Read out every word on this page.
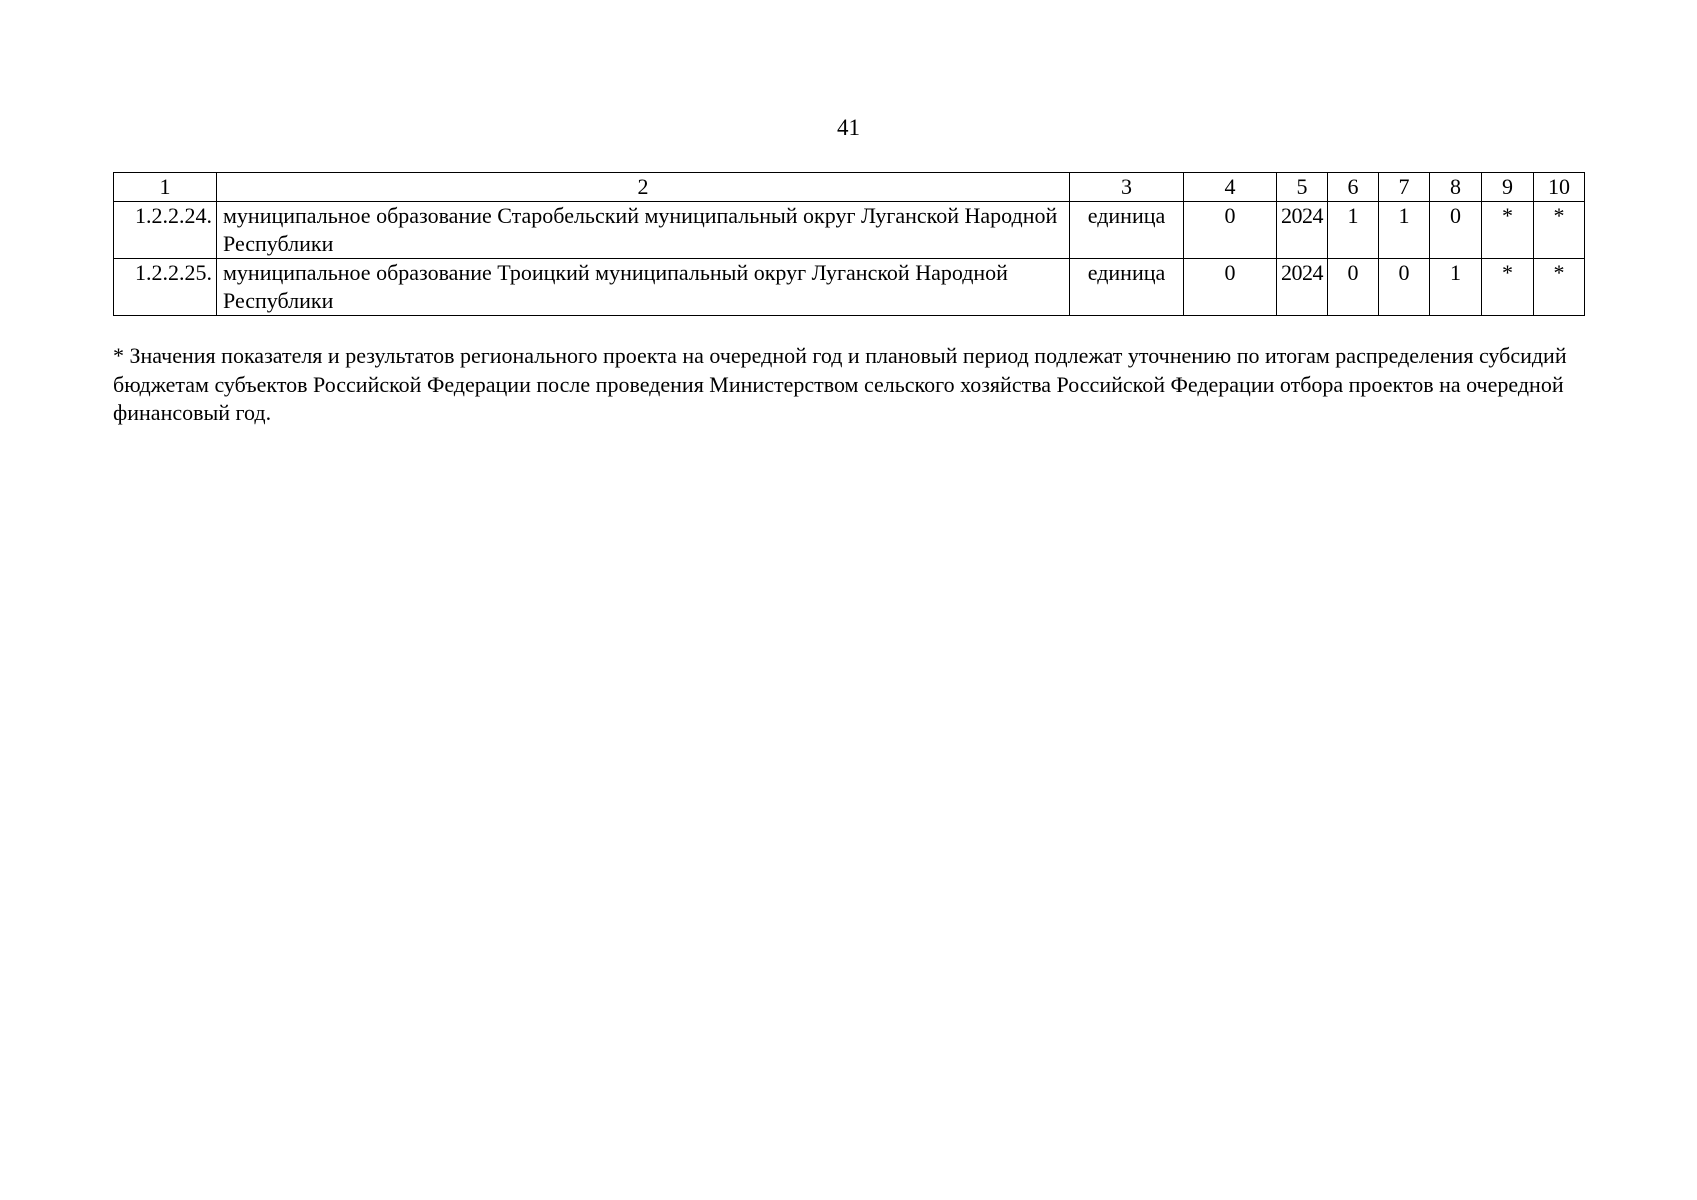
41
1	2	3	4	5	6	7	8	9	10
1.2.2.24.	муниципальное образование Старобельский муниципальный округ Луганской Народной Республики	единица	0	2024	1	1	0	*	*
1.2.2.25.	муниципальное образование Троицкий муниципальный округ Луганской Народной Республики	единица	0	2024	0	0	1	*	*
* Значения показателя и результатов регионального проекта на очередной год и плановый период подлежат уточнению по итогам распределения субсидий бюджетам субъектов Российской Федерации после проведения Министерством сельского хозяйства Российской Федерации отбора проектов на очередной финансовый год.
